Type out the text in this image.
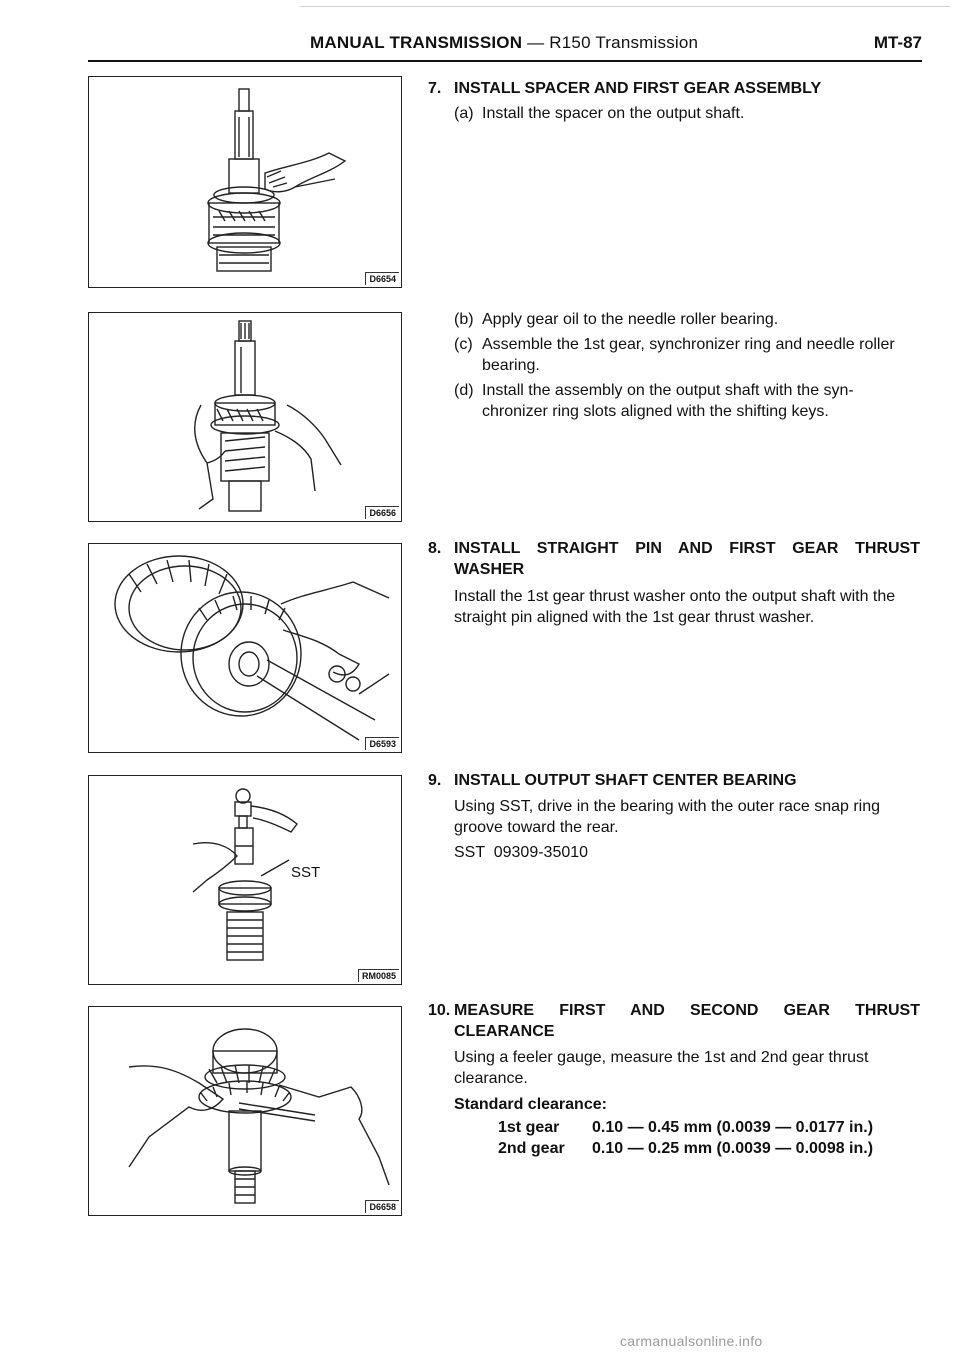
MANUAL TRANSMISSION — R150 Transmission	MT-87
D6654
D6656
D6593
SST
RM0085
D6658
7. INSTALL SPACER AND FIRST GEAR ASSEMBLY
(a) Install the spacer on the output shaft.
(b) Apply gear oil to the needle roller bearing.
(c) Assemble the 1st gear, synchronizer ring and needle roller bearing.
(d) Install the assembly on the output shaft with the syn- chronizer ring slots aligned with the shifting keys.
8. INSTALL STRAIGHT PIN AND FIRST GEAR THRUST WASHER
Install the 1st gear thrust washer onto the output shaft with the straight pin aligned with the 1st gear thrust washer.
9. INSTALL OUTPUT SHAFT CENTER BEARING
Using SST, drive in the bearing with the outer race snap ring groove toward the rear.
SST  09309-35010
10. MEASURE FIRST AND SECOND GEAR THRUST CLEARANCE
Using a feeler gauge, measure the 1st and 2nd gear thrust clearance.
Standard clearance:
1st gear 0.10 — 0.45 mm (0.0039 — 0.0177 in.)
2nd gear 0.10 — 0.25 mm (0.0039 — 0.0098 in.)
carmanualsonline.info
